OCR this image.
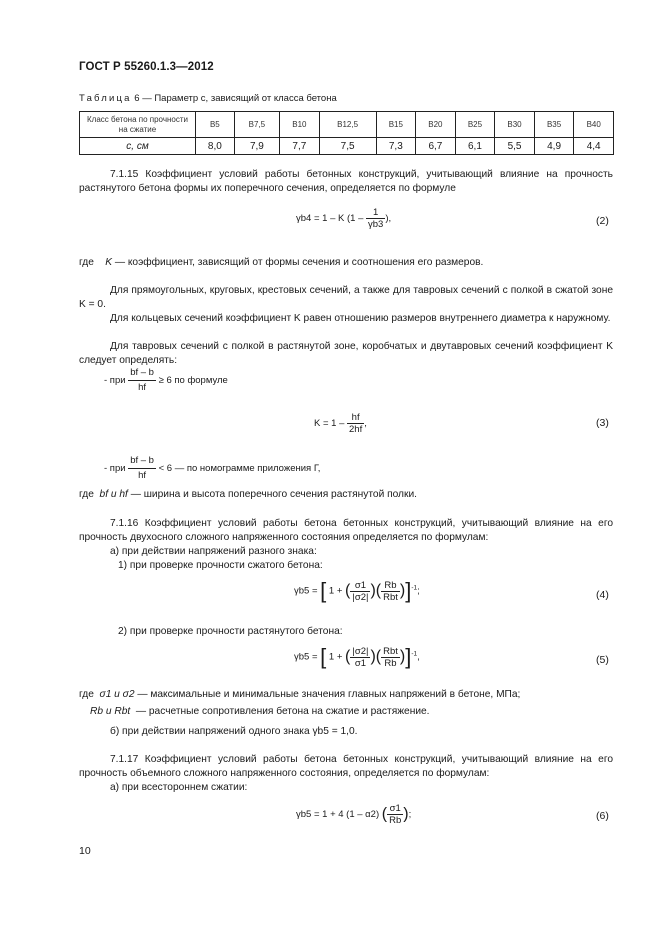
ГОСТ Р 55260.1.3—2012
Таблица 6 — Параметр c, зависящий от класса бетона
Класс бетона по прочности
на сжатие	B5	B7,5	B10	B12,5	B15	B20	B25	B30	B35	B40
c, см	8,0	7,9	7,7	7,5	7,3	6,7	6,1	5,5	4,9	4,4
7.1.15 Коэффициент условий работы бетонных конструкций, учитывающий влияние на прочность растянутого бетона формы их поперечного сечения, определяется по формуле
γb4 = 1 – K ($1 - \frac{1}{\gamma b3}$ ),	(2)
где K — коэффициент, зависящий от формы сечения и соотношения его размеров.
Для прямоугольных, круговых, крестовых сечений, а также для тавровых сечений с полкой в сжатой зоне K = 0.
Для кольцевых сечений коэффициент K равен отношению размеров внутреннего диаметра к наружному.
Для тавровых сечений с полкой в растянутой зоне, коробчатых и двутавровых сечений коэффициент K следует определять:
- при $\frac{bf - b}{hf} \ge 6$ по формуле
$K = 1 - \frac{hf}{2hf}$ ,	(3)
- при $\frac{bf - b}{hf} < 6$ — по номограмме приложения Г,
где bf и hf — ширина и высота поперечного сечения растянутой полки.
7.1.16 Коэффициент условий работы бетона бетонных конструкций, учитывающий влияние на его прочность двухосного сложного напряженного состояния определяется по формулам:
а) при действии напряжений разного знака:
1) при проверке прочности сжатого бетона:
γb5 = [ 1 + ( $\frac{\sigma 1}{|\sigma 2|}$ )( $\frac{Rb}{\text{Rbt}} )]^{-1}$;	(4)
2) при проверке прочности растянутого бетона:
γb5 = [ 1 + ( $\frac{|\sigma 2|}{\sigma 1}$ )( $\frac{\text{Rbt}}{Rb} )]^{-1}$,	(5)
где σ1 и σ2 — максимальные и минимальные значения главных напряжений в бетоне, МПа;
Rb и Rbt — расчетные сопротивления бетона на сжатие и растяжение.
б) при действии напряжений одного знака γb5 = 1,0.
7.1.17 Коэффициент условий работы бетона бетонных конструкций, учитывающий влияние на его прочность объемного сложного напряженного состояния, определяется по формулам:
а) при всестороннем сжатии:
γb5 = 1 + 4 (1 – α2) ( $\frac{\sigma 1}{Rb}$ );	(6)
10
